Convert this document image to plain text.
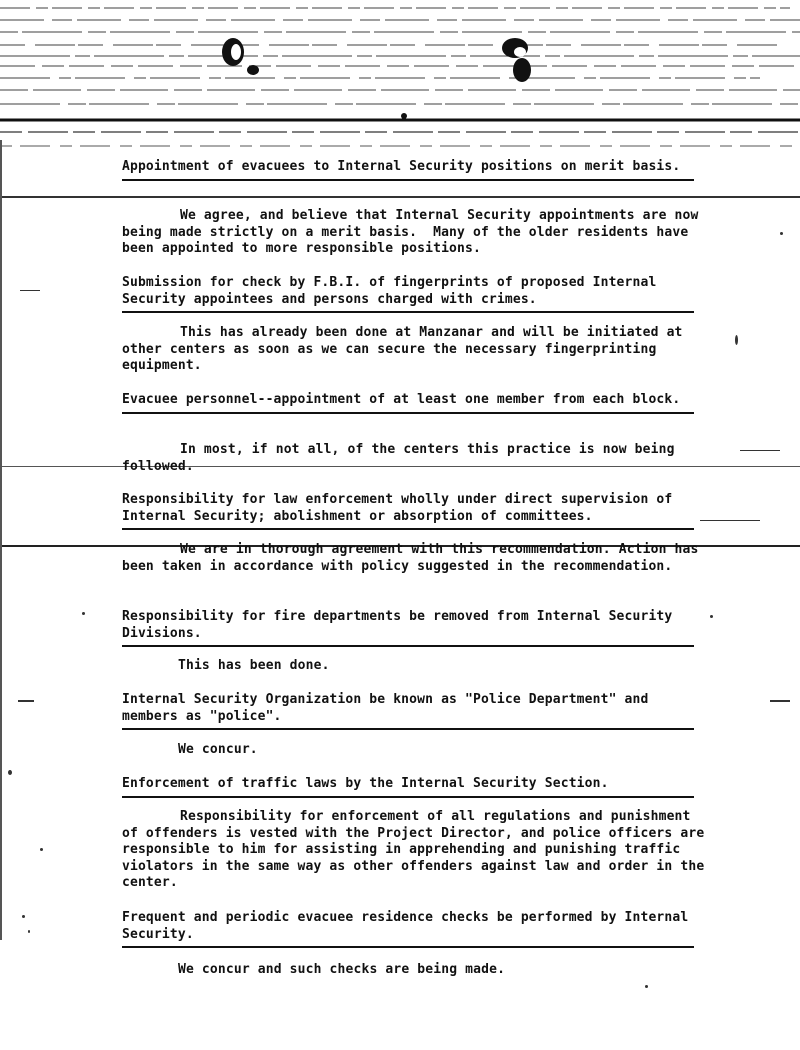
Appointment of evacuees to Internal Security positions on merit basis.
We agree, and believe that Internal Security appointments are now being made strictly on a merit basis.  Many of the older residents have been appointed to more responsible positions.
Submission for check by F.B.I. of fingerprints of proposed Internal Security appointees and persons charged with crimes.
This has already been done at Manzanar and will be initiated at other centers as soon as we can secure the necessary fingerprinting equipment.
Evacuee personnel--appointment of at least one member from each block.
In most, if not all, of the centers this practice is now being followed.
Responsibility for law enforcement wholly under direct supervision of Internal Security; abolishment or absorption of committees.
We are in thorough agreement with this recommendation. Action has been taken in accordance with policy suggested in the recommendation.
Responsibility for fire departments be removed from Internal Security Divisions.
This has been done.
Internal Security Organization be known as "Police Department" and members as "police".
We concur.
Enforcement of traffic laws by the Internal Security Section.
Responsibility for enforcement of all regulations and punishment of offenders is vested with the Project Director, and police officers are responsible to him for assisting in apprehending and punishing traffic violators in the same way as other offenders against law and order in the center.
Frequent and periodic evacuee residence checks be performed by Internal Security.
We concur and such checks are being made.
